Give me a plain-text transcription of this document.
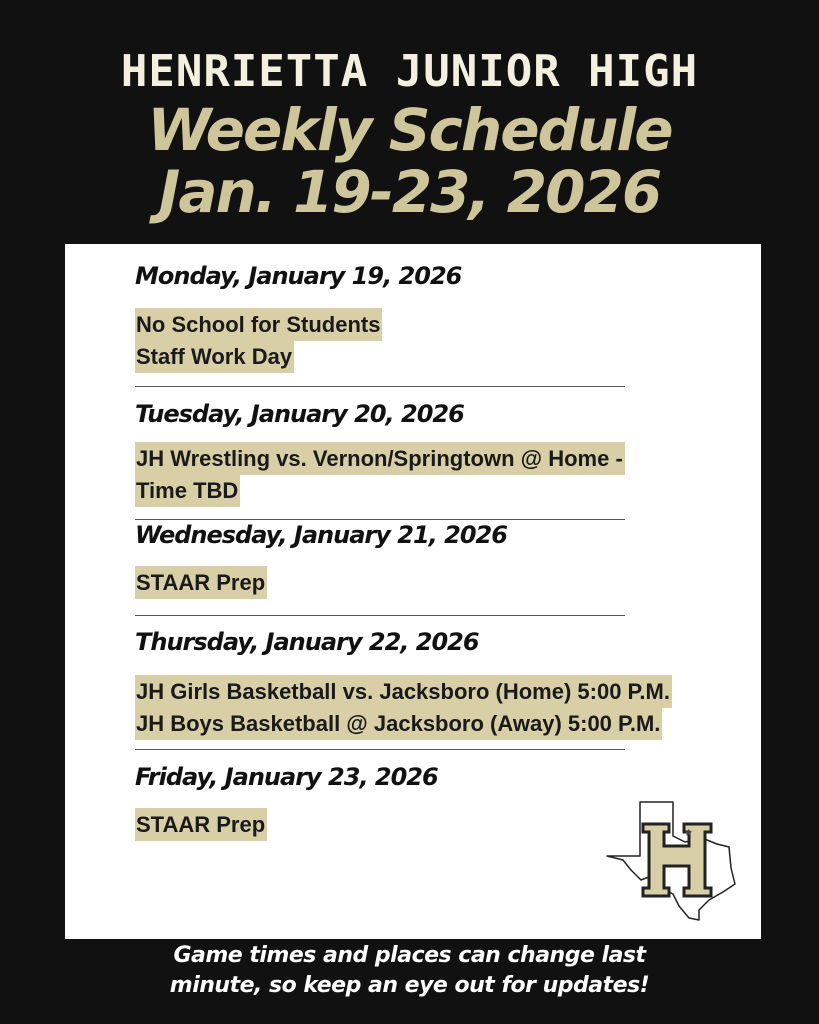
HENRIETTA JUNIOR HIGH
Weekly Schedule
Jan. 19-23, 2026
Monday, January 19, 2026
No School for Students
Staff Work Day
Tuesday, January 20, 2026
JH Wrestling vs. Vernon/Springtown @ Home -
Time TBD
Wednesday, January 21, 2026
STAAR Prep
Thursday, January 22, 2026
JH Girls Basketball vs. Jacksboro (Home) 5:00 P.M.
JH Boys Basketball @ Jacksboro (Away) 5:00 P.M.
Friday, January 23, 2026
STAAR Prep	★
Game times and places can change last
minute, so keep an eye out for updates!
